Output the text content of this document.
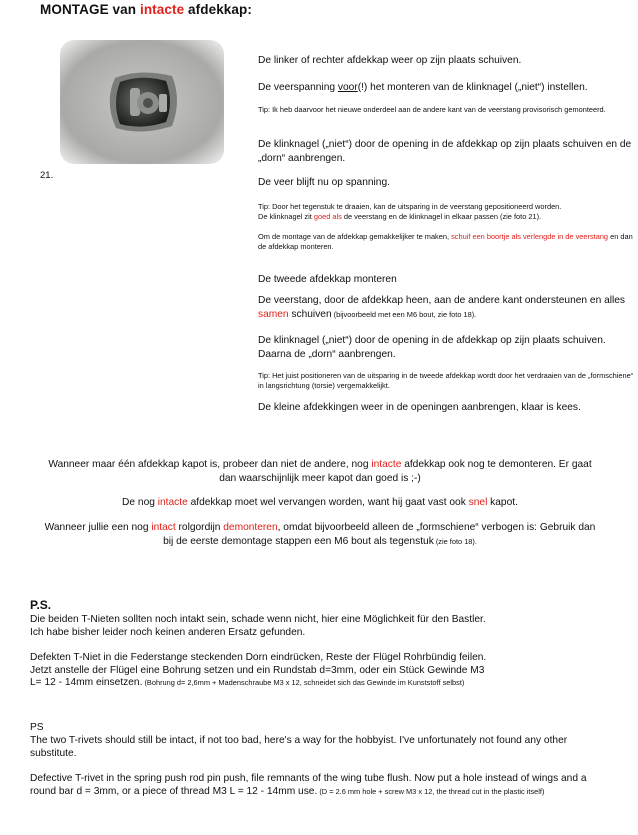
MONTAGE van intacte afdekkap:
21.
De linker of rechter afdekkap weer op zijn plaats schuiven.
De veerspanning voor(!) het monteren van de klinknagel („niet“) instellen.
Tip: Ik heb daarvoor het nieuwe onderdeel aan de andere kant van de veerstang provisorisch gemonteerd.
De klinknagel („niet“) door de opening in de afdekkap op zijn plaats schuiven en de „dorn“ aanbrengen.
De veer blijft nu op spanning.
Tip: Door het tegenstuk te draaien, kan de uitsparing in de veerstang gepositioneerd worden.
De klinknagel zit goed als de veerstang en de klinknagel in elkaar passen (zie foto 21).
Om de montage van de afdekkap gemakkelijker te maken, schuif een boortje als verlengde in de veerstang en dan de afdekkap monteren.
De tweede afdekkap monteren
De veerstang, door de afdekkap heen, aan de andere kant ondersteunen en alles samen schuiven (bijvoorbeeld met een M6 bout, zie foto 18).
De klinknagel („niet“) door de opening in de afdekkap op zijn plaats schuiven. Daarna de „dorn“ aanbrengen.
Tip: Het juist positioneren van de uitsparing in de tweede afdekkap wordt door het verdraaien van de „formschiene“ in langsrichtung (torsie) vergemakkelijkt.
De kleine afdekkingen weer in de openingen aanbrengen, klaar is kees.
Wanneer maar één afdekkap kapot is, probeer dan niet de andere, nog intacte afdekkap ook nog te demonteren. Er gaat dan waarschijnlijk meer kapot dan goed is ;-)
De nog intacte afdekkap moet wel vervangen worden, want hij gaat vast ook snel kapot.
Wanneer jullie een nog intact rolgordijn demonteren, omdat bijvoorbeeld alleen de „formschiene“ verbogen is: Gebruik dan bij de eerste demontage stappen een M6 bout als tegenstuk (zie foto 18).
P.S.
Die beiden T-Nieten sollten noch intakt sein, schade wenn nicht, hier eine Möglichkeit für den Bastler.
Ich habe bisher leider noch keinen anderen Ersatz gefunden.
Defekten T-Niet in die Federstange steckenden Dorn eindrücken, Reste der Flügel Rohrbündig feilen.
Jetzt anstelle der Flügel eine Bohrung setzen und ein Rundstab d=3mm, oder ein Stück Gewinde M3
L= 12 - 14mm einsetzen. (Bohrung d= 2,6mm + Madenschraube M3 x 12, schneidet sich das Gewinde im Kunststoff selbst)
PS
The two T-rivets should still be intact, if not too bad, here's a way for the hobbyist. I've unfortunately not found any other substitute.
Defective T-rivet in the spring push rod pin push, file remnants of the wing tube flush. Now put a hole instead of wings and a round bar d = 3mm, or a piece of thread M3 L = 12 - 14mm use. (D = 2.6 mm hole + screw M3 x 12, the thread cut in the plastic itself)
